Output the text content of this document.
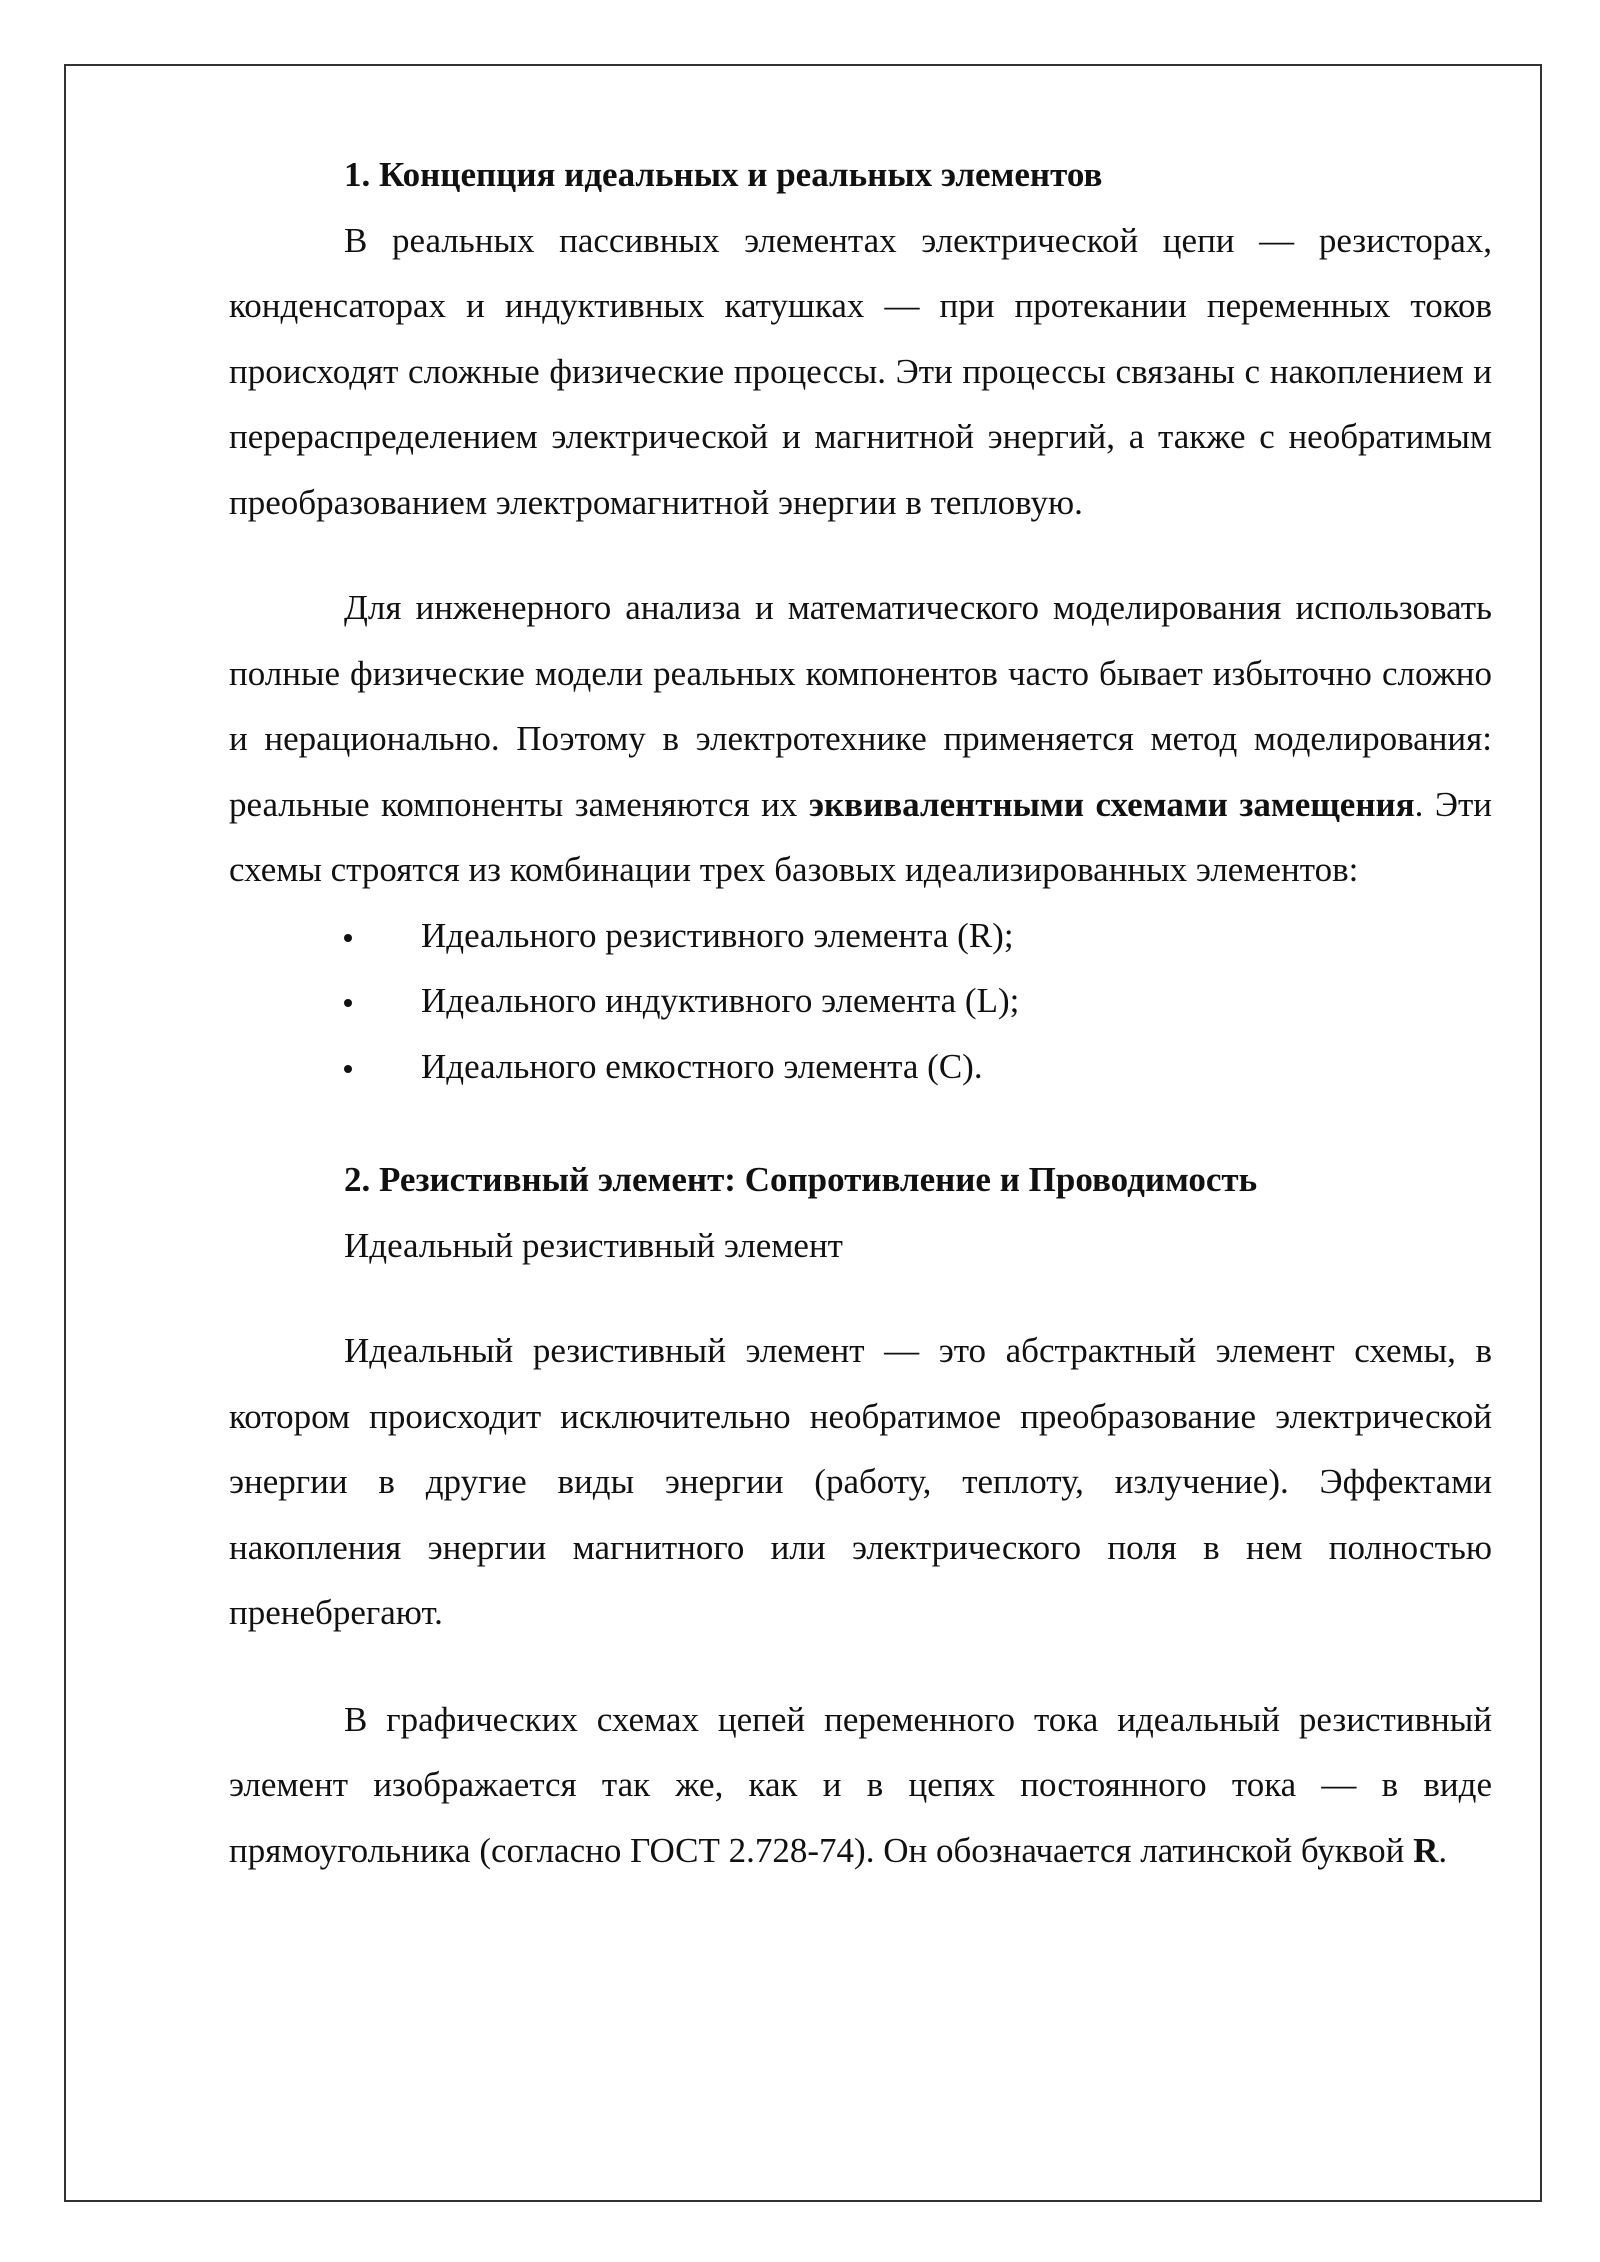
1. Концепция идеальных и реальных элементов

В реальных пассивных элементах электрической цепи — резисторах, конденсаторах и индуктивных катушках — при протекании переменных токов происходят сложные физические процессы. Эти процессы связаны с накоплением и перераспределением электрической и магнитной энергий, а также с необратимым преобразованием электромагнитной энергии в тепловую.

Для инженерного анализа и математического моделирования использовать полные физические модели реальных компонентов часто бывает избыточно сложно и нерационально. Поэтому в электротехнике применяется метод моделирования: реальные компоненты заменяются их эквивалентными схемами замещения. Эти схемы строятся из комбинации трех базовых идеализированных элементов:

Идеального резистивного элемента (R);
Идеального индуктивного элемента (L);
Идеального емкостного элемента (C).

2. Резистивный элемент: Сопротивление и Проводимость

Идеальный резистивный элемент

Идеальный резистивный элемент — это абстрактный элемент схемы, в котором происходит исключительно необратимое преобразование электрической энергии в другие виды энергии (работу, теплоту, излучение). Эффектами накопления энергии магнитного или электрического поля в нем полностью пренебрегают.

В графических схемах цепей переменного тока идеальный резистивный элемент изображается так же, как и в цепях постоянного тока — в виде прямоугольника (согласно ГОСТ 2.728-74). Он обозначается латинской буквой R.
